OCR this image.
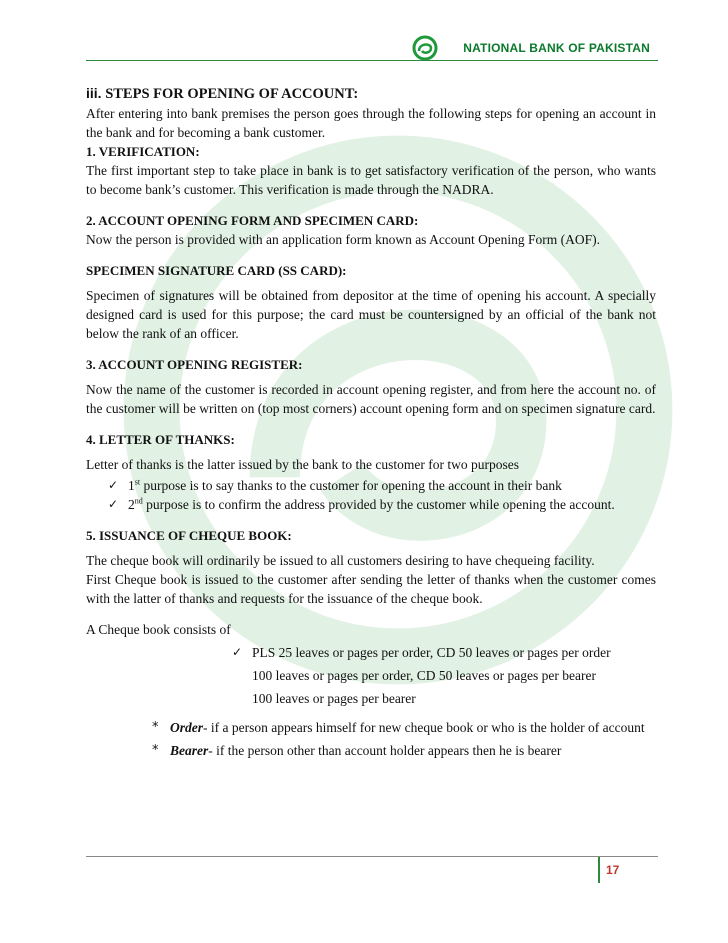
NATIONAL BANK OF PAKISTAN

iii. STEPS FOR OPENING OF ACCOUNT:

After entering into bank premises the person goes through the following steps for opening an account in the bank and for becoming a bank customer.

1. VERIFICATION:

The first important step to take place in bank is to get satisfactory verification of the person, who wants to become bank’s customer. This verification is made through the NADRA.

2. ACCOUNT OPENING FORM AND SPECIMEN CARD:

Now the person is provided with an application form known as Account Opening Form (AOF).

SPECIMEN SIGNATURE CARD (SS CARD):

Specimen of signatures will be obtained from depositor at the time of opening his account. A specially designed card is used for this purpose; the card must be countersigned by an official of the bank not below the rank of an officer.

3. ACCOUNT OPENING REGISTER:

Now the name of the customer is recorded in account opening register, and from here the account no. of the customer will be written on (top most corners) account opening form and on specimen signature card.

4. LETTER OF THANKS:

Letter of thanks is the latter issued by the bank to the customer for two purposes

✓ 1st purpose is to say thanks to the customer for opening the account in their bank
✓ 2nd purpose is to confirm the address provided by the customer while opening the account.

5. ISSUANCE OF CHEQUE BOOK:

The cheque book will ordinarily be issued to all customers desiring to have chequeing facility.

First Cheque book is issued to the customer after sending the letter of thanks when the customer comes with the latter of thanks and requests for the issuance of the cheque book.

A Cheque book consists of

✓ PLS 25 leaves or pages per order, CD 50 leaves or pages per order
100 leaves or pages per order, CD 50 leaves or pages per bearer
100 leaves or pages per bearer
* Order- if a person appears himself for new cheque book or who is the holder of account
* Bearer- if the person other than account holder appears then he is bearer
17
